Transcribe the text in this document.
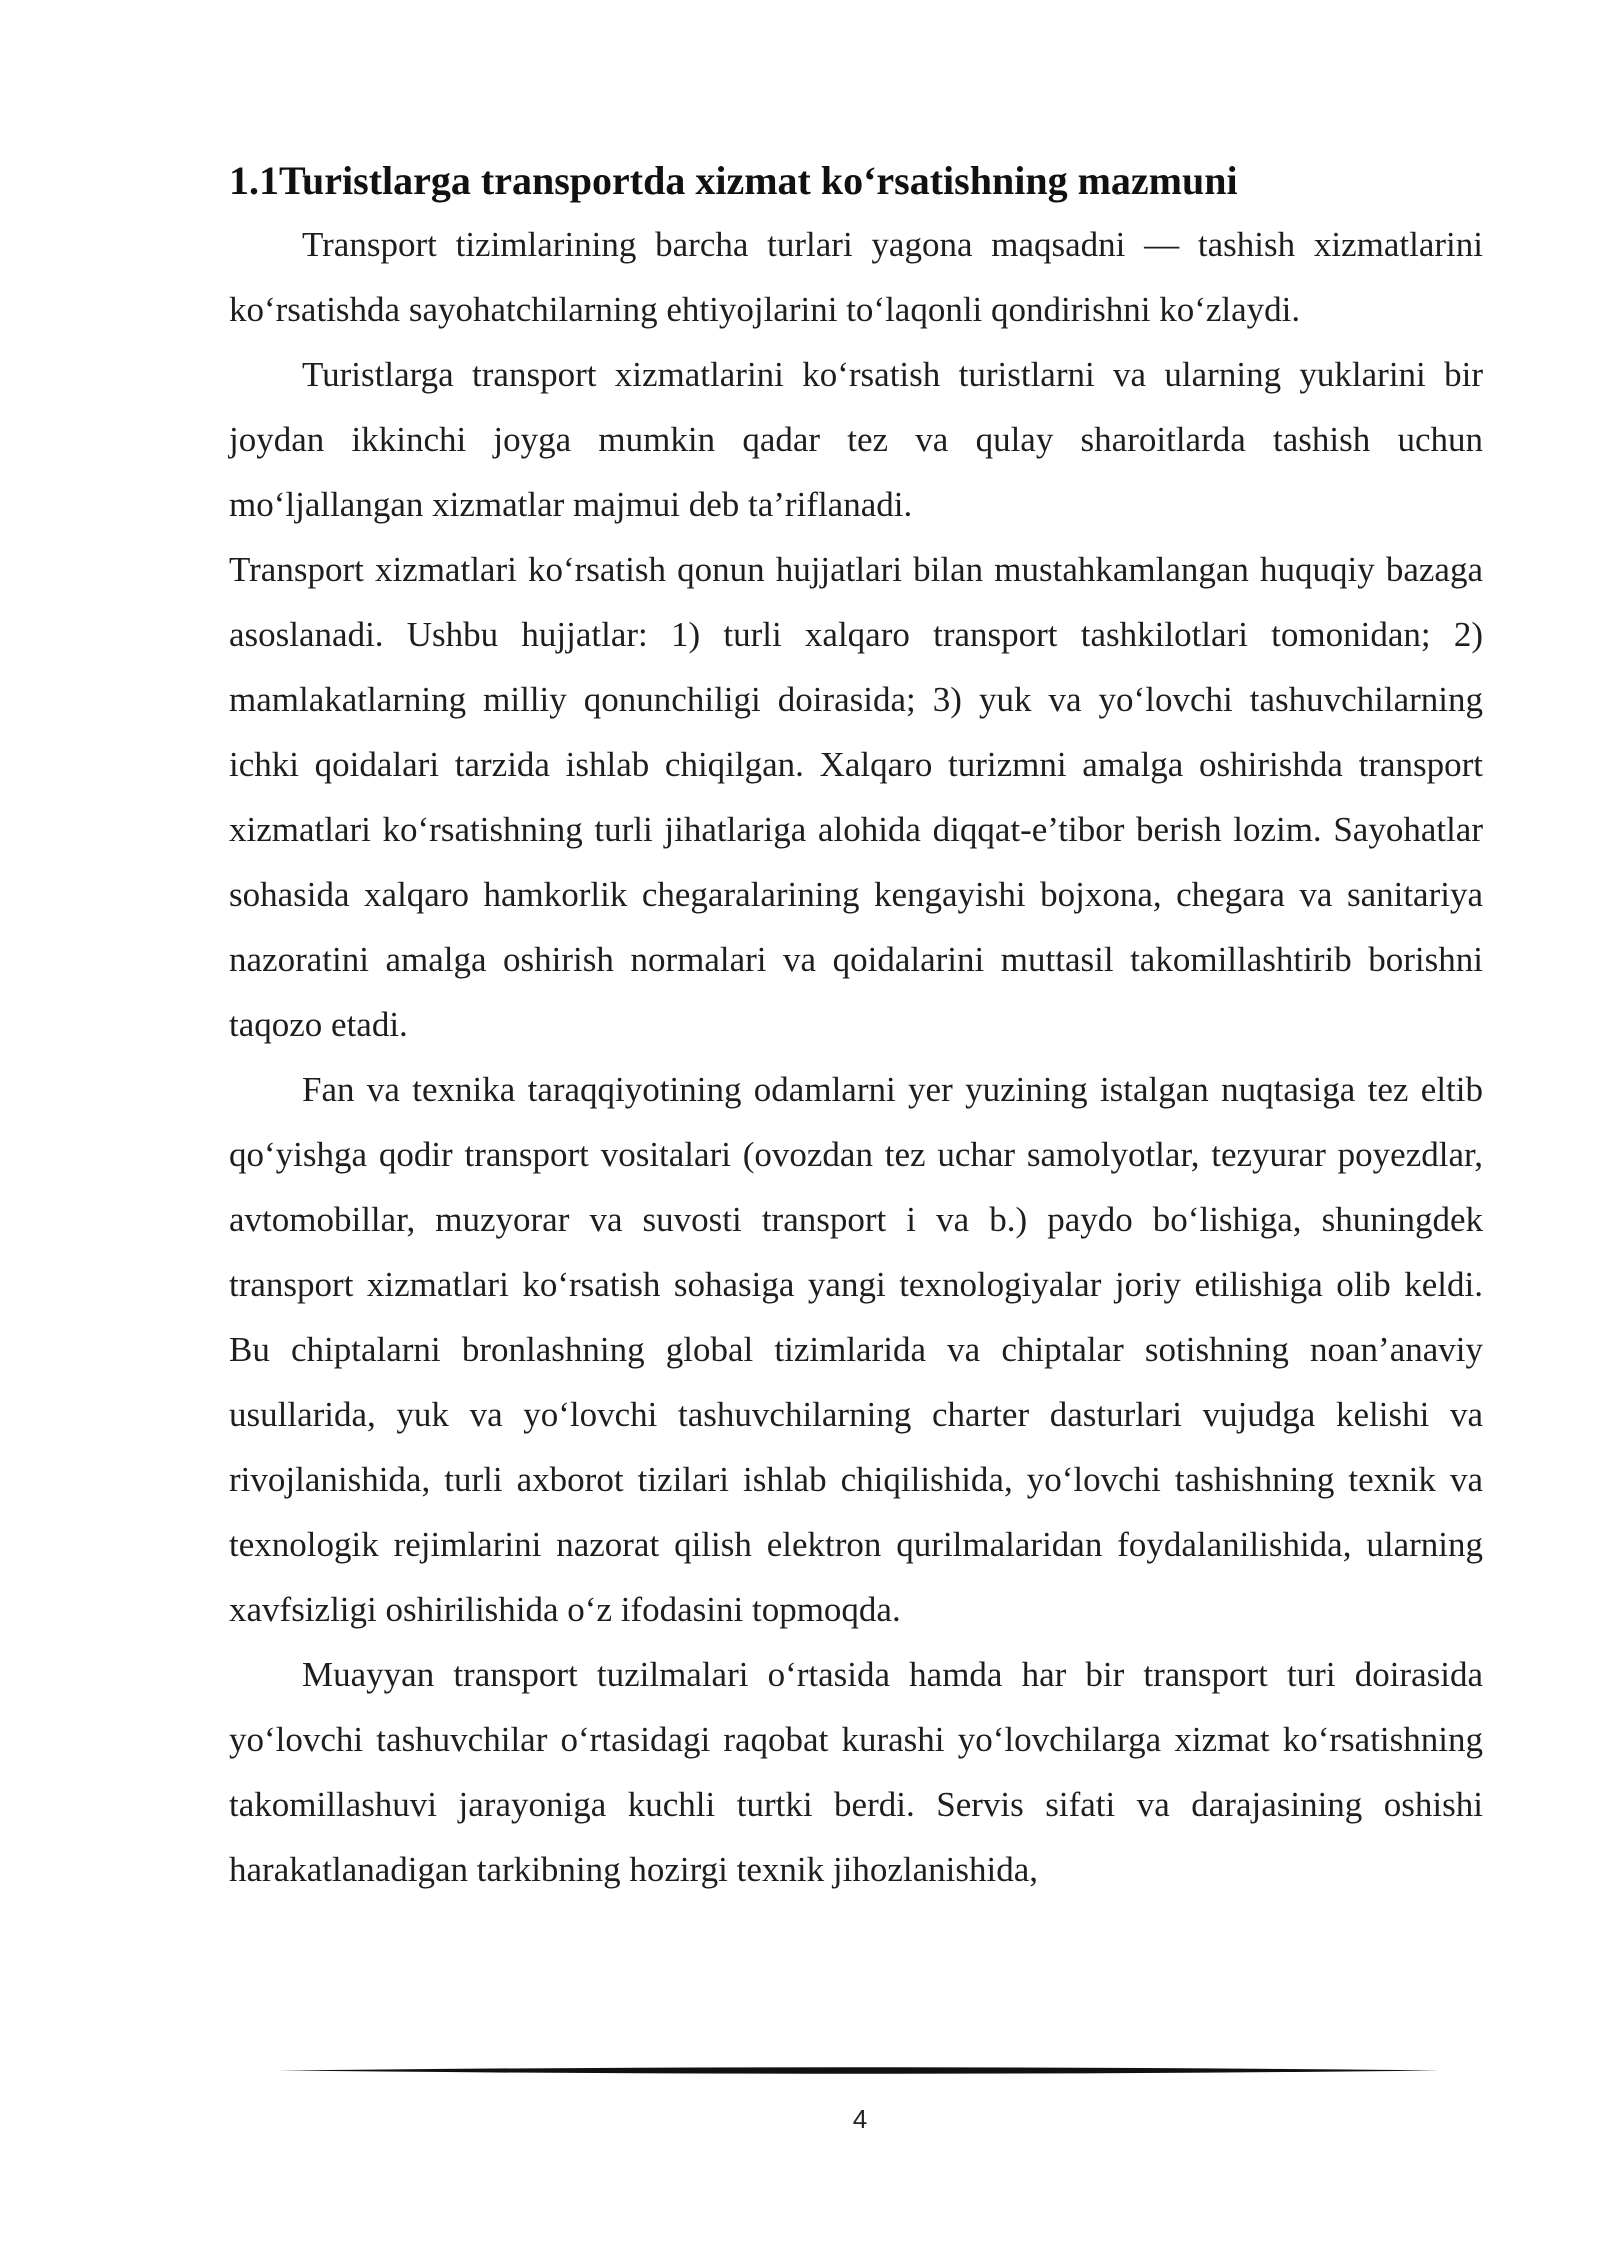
1.1Turistlarga transportda xizmat ko‘rsatishning mazmuni

Transport tizimlarining barcha turlari yagona maqsadni — tashish xizmatlarini ko‘rsatishda sayohatchilarning ehtiyojlarini to‘laqonli qondirishni ko‘zlaydi.

Turistlarga transport xizmatlarini ko‘rsatish turistlarni va ularning yuklarini bir joydan ikkinchi joyga mumkin qadar tez va qulay sharoitlarda tashish uchun mo‘ljallangan xizmatlar majmui deb ta’riflanadi.

Transport xizmatlari ko‘rsatish qonun hujjatlari bilan mustahkamlangan huquqiy bazaga asoslanadi. Ushbu hujjatlar: 1) turli xalqaro transport tashkilotlari tomonidan; 2) mamlakatlarning milliy qonunchiligi doirasida; 3) yuk va yo‘lovchi tashuvchilarning ichki qoidalari tarzida ishlab chiqilgan. Xalqaro turizmni amalga oshirishda transport xizmatlari ko‘rsatishning turli jihatlariga alohida diqqat-e’tibor berish lozim. Sayohatlar sohasida xalqaro hamkorlik chegaralarining kengayishi bojxona, chegara va sanitariya nazoratini amalga oshirish normalari va qoidalarini muttasil takomillashtirib borishni taqozo etadi.

Fan va texnika taraqqiyotining odamlarni yer yuzining istalgan nuqtasiga tez eltib qo‘yishga qodir transport vositalari (ovozdan tez uchar samolyotlar, tezyurar poyezdlar, avtomobillar, muzyorar va suvosti transport i va b.) paydo bo‘lishiga, shuningdek transport xizmatlari ko‘rsatish sohasiga yangi texnologiyalar joriy etilishiga olib keldi. Bu chiptalarni bronlashning global tizimlarida va chiptalar sotishning noan’anaviy usullarida, yuk va yo‘lovchi tashuvchilarning charter dasturlari vujudga kelishi va rivojlanishida, turli axborot tizilari ishlab chiqilishida, yo‘lovchi tashishning texnik va texnologik rejimlarini nazorat qilish elektron qurilmalaridan foydalanilishida, ularning xavfsizligi oshirilishida o‘z ifodasini topmoqda.

Muayyan transport tuzilmalari o‘rtasida hamda har bir transport turi doirasida yo‘lovchi tashuvchilar o‘rtasidagi raqobat kurashi yo‘lovchilarga xizmat ko‘rsatishning takomillashuvi jarayoniga kuchli turtki berdi. Servis sifati va darajasining oshishi harakatlanadigan tarkibning hozirgi texnik jihozlanishida,

4
